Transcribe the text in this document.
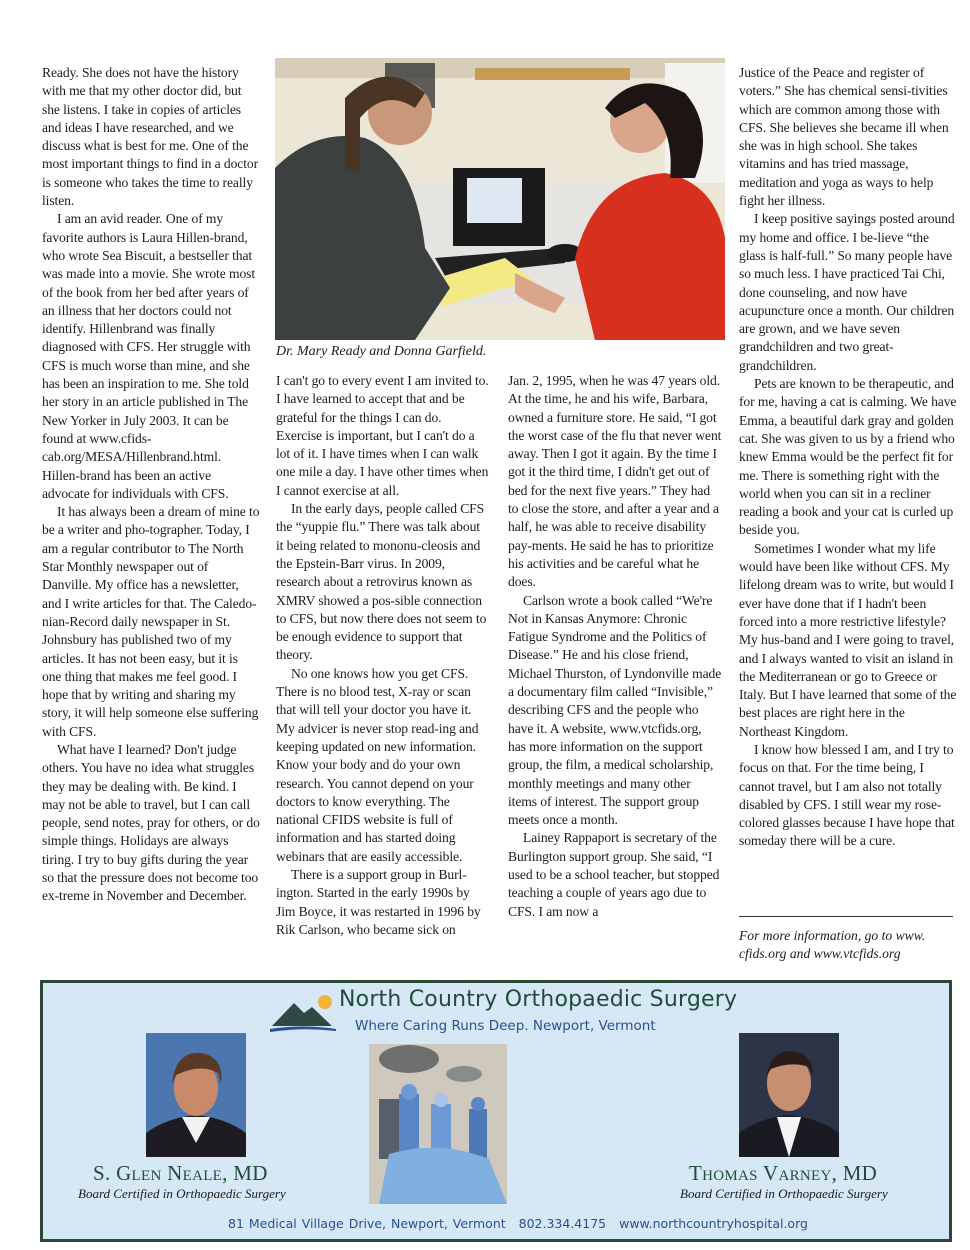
Ready. She does not have the history with me that my other doctor did, but she listens. I take in copies of articles and ideas I have researched, and we discuss what is best for me. One of the most important things to find in a doctor is someone who takes the time to really listen.

I am an avid reader. One of my favorite authors is Laura Hillen-brand, who wrote Sea Biscuit, a bestseller that was made into a movie. She wrote most of the book from her bed after years of an illness that her doctors could not identify. Hillenbrand was finally diagnosed with CFS. Her struggle with CFS is much worse than mine, and she has been an inspiration to me. She told her story in an article published in The New Yorker in July 2003. It can be found at www.cfids-cab.org/MESA/Hillenbrand.html. Hillen-brand has been an active advocate for individuals with CFS.

It has always been a dream of mine to be a writer and pho-tographer. Today, I am a regular contributor to The North Star Monthly newspaper out of Danville. My office has a newsletter, and I write articles for that. The Caledo-nian-Record daily newspaper in St. Johnsbury has published two of my articles. It has not been easy, but it is one thing that makes me feel good. I hope that by writing and sharing my story, it will help someone else suffering with CFS.

What have I learned? Don't judge others. You have no idea what struggles they may be dealing with. Be kind. I may not be able to travel, but I can call people, send notes, pray for others, or do simple things. Holidays are always tiring. I try to buy gifts during the year so that the pressure does not become too ex-treme in November and December.

Dr. Mary Ready and Donna Garfield.

I can't go to every event I am invited to. I have learned to accept that and be grateful for the things I can do. Exercise is important, but I can't do a lot of it. I have times when I can walk one mile a day. I have other times when I cannot exercise at all.

In the early days, people called CFS the “yuppie flu.” There was talk about it being related to mononu-cleosis and the Epstein-Barr virus. In 2009, research about a retrovirus known as XMRV showed a pos-sible connection to CFS, but now there does not seem to be enough evidence to support that theory.

No one knows how you get CFS. There is no blood test, X-ray or scan that will tell your doctor you have it. My advicer is never stop read-ing and keeping updated on new information. Know your body and do your own research. You cannot depend on your doctors to know everything. The national CFIDS website is full of information and has started doing webinars that are easily accessible.

There is a support group in Burl-ington. Started in the early 1990s by Jim Boyce, it was restarted in 1996 by Rik Carlson, who became sick on

Jan. 2, 1995, when he was 47 years old. At the time, he and his wife, Barbara, owned a furniture store. He said, “I got the worst case of the flu that never went away. Then I got it again. By the time I got it the third time, I didn't get out of bed for the next five years.” They had to close the store, and after a year and a half, he was able to receive disability pay-ments. He said he has to prioritize his activities and be careful what he does.

Carlson wrote a book called “We're Not in Kansas Anymore: Chronic Fatigue Syndrome and the Politics of Disease.” He and his close friend, Michael Thurston, of Lyndonville made a documentary film called “Invisible,” describing CFS and the people who have it. A website, www.vtcfids.org, has more information on the support group, the film, a medical scholarship, monthly meetings and many other items of interest. The support group meets once a month.

Lainey Rappaport is secretary of the Burlington support group. She said, “I used to be a school teacher, but stopped teaching a couple of years ago due to CFS. I am now a

Justice of the Peace and register of voters.” She has chemical sensi-tivities which are common among those with CFS. She believes she became ill when she was in high school. She takes vitamins and has tried massage, meditation and yoga as ways to help fight her illness.

I keep positive sayings posted around my home and office. I be-lieve “the glass is half-full.” So many people have so much less. I have practiced Tai Chi, done counseling, and now have acupuncture once a month. Our children are grown, and we have seven grandchildren and two great-grandchildren.

Pets are known to be therapeutic, and for me, having a cat is calming. We have Emma, a beautiful dark gray and golden cat. She was given to us by a friend who knew Emma would be the perfect fit for me. There is something right with the world when you can sit in a recliner reading a book and your cat is curled up beside you.

Sometimes I wonder what my life would have been like without CFS. My lifelong dream was to write, but would I ever have done that if I hadn't been forced into a more restrictive lifestyle? My hus-band and I were going to travel, and I always wanted to visit an island in the Mediterranean or go to Greece or Italy. But I have learned that some of the best places are right here in the Northeast Kingdom.

I know how blessed I am, and I try to focus on that. For the time being, I cannot travel, but I am also not totally disabled by CFS. I still wear my rose-colored glasses because I have hope that someday there will be a cure.

For more information, go to www. cfids.org and www.vtcfids.org
North Country Orthopaedic Surgery
Where Caring Runs Deep. Newport, Vermont
S. Glen Neale, MD
Board Certified in Orthopaedic Surgery
Thomas Varney, MD
Board Certified in Orthopaedic Surgery
81 Medical Village Drive, Newport, Vermont 802.334.4175 www.northcountryhospital.org
